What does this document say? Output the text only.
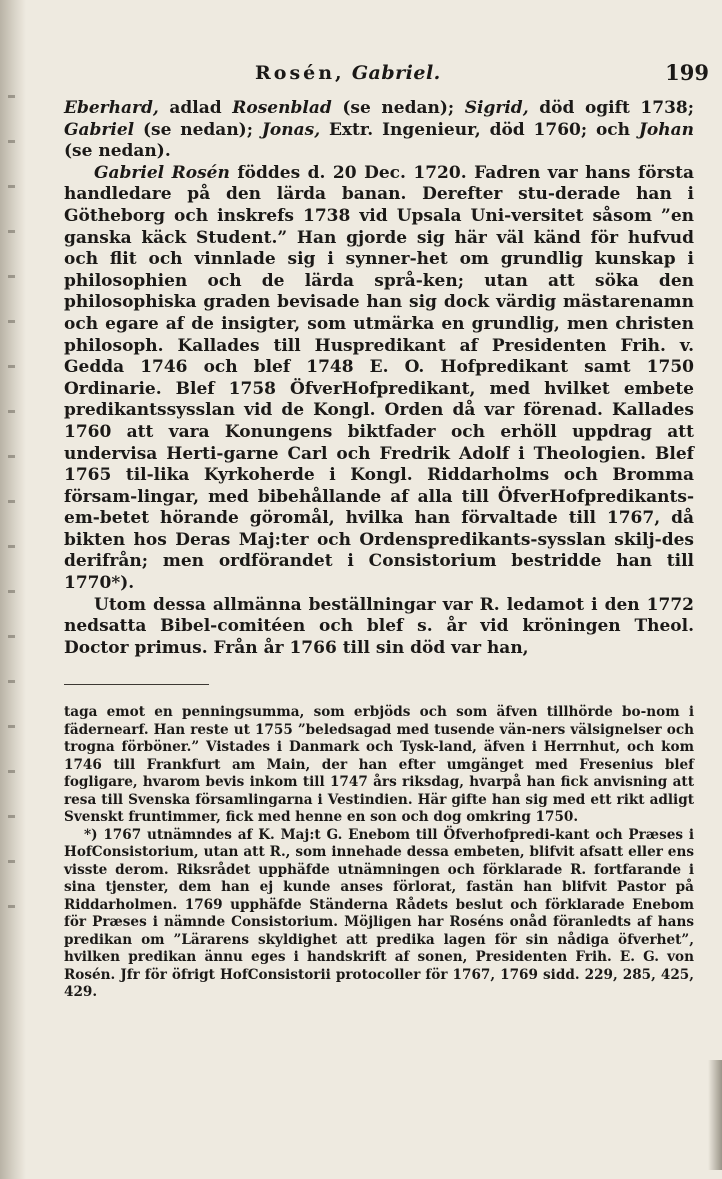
Rosén, Gabriel.	199

Eberhard, adlad Rosenblad (se nedan); Sigrid, död ogift 1738; Gabriel (se nedan); Jonas, Extr. Ingenieur, död 1760; och Johan (se nedan).

Gabriel Rosén föddes d. 20 Dec. 1720. Fadren var hans första handledare på den lärda banan. Derefter stu-derade han i Götheborg och inskrefs 1738 vid Upsala Uni-versitet såsom ”en ganska käck Student.” Han gjorde sig här väl känd för hufvud och flit och vinnlade sig i synner-het om grundlig kunskap i philosophien och de lärda språ-ken; utan att söka den philosophiska graden bevisade han sig dock värdig mästarenamn och egare af de insigter, som utmärka en grundlig, men christen philosoph. Kallades till Huspredikant af Presidenten Frih. v. Gedda 1746 och blef 1748 E. O. Hofpredikant samt 1750 Ordinarie. Blef 1758 ÖfverHofpredikant, med hvilket embete predikantssysslan vid de Kongl. Orden då var förenad. Kallades 1760 att vara Konungens biktfader och erhöll uppdrag att undervisa Herti-garne Carl och Fredrik Adolf i Theologien. Blef 1765 til-lika Kyrkoherde i Kongl. Riddarholms och Bromma försam-lingar, med bibehållande af alla till ÖfverHofpredikants-em-betet hörande göromål, hvilka han förvaltade till 1767, då bikten hos Deras Maj:ter och Ordenspredikants-sysslan skilj-des derifrån; men ordförandet i Consistorium bestridde han till 1770*).

Utom dessa allmänna beställningar var R. ledamot i den 1772 nedsatta Bibel-comitéen och blef s. år vid kröningen Theol. Doctor primus. Från år 1766 till sin död var han,

taga emot en penningsumma, som erbjöds och som äfven tillhörde bo-nom i fädernearf. Han reste ut 1755 ”beledsagad med tusende vän-ners välsignelser och trogna förböner.” Vistades i Danmark och Tysk-land, äfven i Herrnhut, och kom 1746 till Frankfurt am Main, der han efter umgänget med Fresenius blef fogligare, hvarom bevis inkom till 1747 års riksdag, hvarpå han fick anvisning att resa till Svenska församlingarna i Vestindien. Här gifte han sig med ett rikt adligt Svenskt fruntimmer, fick med henne en son och dog omkring 1750.

*) 1767 utnämndes af K. Maj:t G. Enebom till Öfverhofpredi-kant och Præses i HofConsistorium, utan att R., som innehade dessa embeten, blifvit afsatt eller ens visste derom. Riksrådet upphäfde utnämningen och förklarade R. fortfarande i sina tjenster, dem han ej kunde anses förlorat, fastän han blifvit Pastor på Riddarholmen. 1769 upphäfde Ständerna Rådets beslut och förklarade Enebom för Præses i nämnde Consistorium. Möjligen har Roséns onåd föranledts af hans predikan om ”Lärarens skyldighet att predika lagen för sin nådiga öfverhet”, hvilken predikan ännu eges i handskrift af sonen, Presidenten Frih. E. G. von Rosén. Jfr för öfrigt HofConsistorii protocoller för 1767, 1769 sidd. 229, 285, 425, 429.
